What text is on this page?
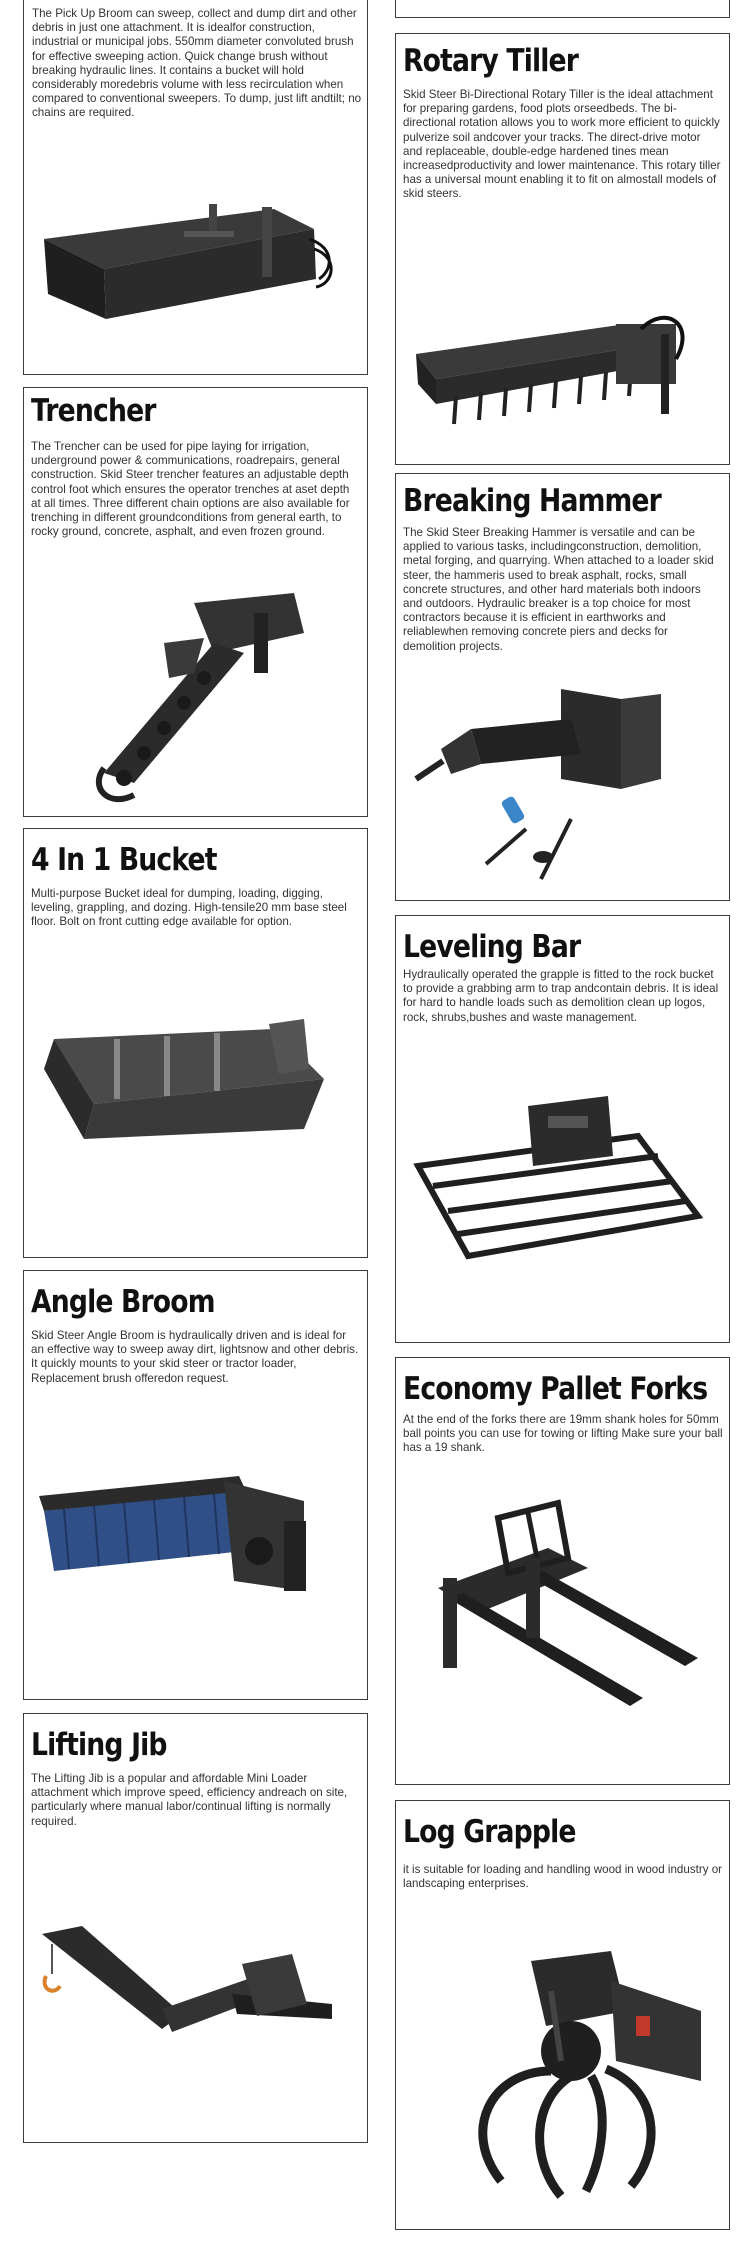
The Pick Up Broom can sweep, collect and dump dirt and other debris in just one attachment. It is idealfor construction, industrial or municipal jobs. 550mm diameter convoluted brush for effective sweeping action. Quick change brush without breaking hydraulic lines. It contains a bucket will hold considerably moredebris volume with less recirculation when compared to conventional sweepers. To dump, just lift andtilt; no chains are required.

Rotary Tiller

Skid Steer Bi-Directional Rotary Tiller is the ideal attachment for preparing gardens, food plots orseedbeds. The bi-directional rotation allows you to work more efficient to quickly pulverize soil andcover your tracks. The direct-drive motor and replaceable, double-edge hardened tines mean increasedproductivity and lower maintenance. This rotary tiller has a universal mount enabling it to fit on almostall models of skid steers.

Trencher

The Trencher can be used for pipe laying for irrigation, underground power & communications, roadrepairs, general construction. Skid Steer trencher features an adjustable depth control foot which ensures the operator trenches at aset depth at all times. Three different chain options are also available for trenching in different groundconditions from general earth, to rocky ground, concrete, asphalt, and even frozen ground.

Breaking Hammer

The Skid Steer Breaking Hammer is versatile and can be applied to various tasks, includingconstruction, demolition, metal forging, and quarrying. When attached to a loader skid steer, the hammeris used to break asphalt, rocks, small concrete structures, and other hard materials both indoors and outdoors. Hydraulic breaker is a top choice for most contractors because it is efficient in earthworks and reliablewhen removing concrete piers and decks for demolition projects.

4 In 1 Bucket

Multi-purpose Bucket ideal for dumping, loading, digging, leveling, grappling, and dozing. High-tensile20 mm base steel floor. Bolt on front cutting edge available for option.

Leveling Bar

Hydraulically operated the grapple is fitted to the rock bucket to provide a grabbing arm to trap andcontain debris. It is ideal for hard to handle loads such as demolition clean up logos, rock, shrubs,bushes and waste management.

Angle Broom

Skid Steer Angle Broom is hydraulically driven and is ideal for an effective way to sweep away dirt, lightsnow and other debris. It quickly mounts to your skid steer or tractor loader, Replacement brush offeredon request.	Economy Pallet Forks

At the end of the forks there are 19mm shank holes for 50mm ball points you can use for towing or lifting Make sure your ball has a 19 shank.

Lifting Jib

The Lifting Jib is a popular and affordable Mini Loader attachment which improve speed, efficiency andreach on site, particularly where manual labor/continual lifting is normally required.	Log Grapple

it is suitable for loading and handling wood in wood industry or landscaping enterprises.
